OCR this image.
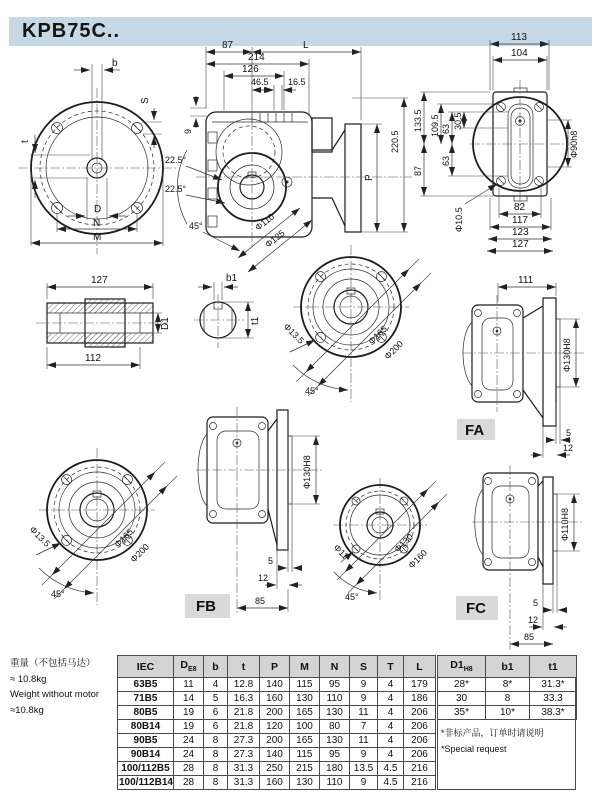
KPB75C..
b
S
t
D
N
M
87	L
214
126
46.5 16.5
9
22.5°
22.5°
45°	Φ110
Φ125
P
220.5
113
104
82
117
123
127
133.5
87
109.5 63
63
30.5
Φ10.5
Φ90h8
127
112
D1
b1
t1
Φ13.5	Φ165
Φ200
45°
111
Φ130H8
5
12
FA
Φ13.5	Φ165
Φ200
45°
Φ130H8
5
12
85
FB
Φ11	Φ130
Φ160
45°
Φ110H8
5
12
85
FC
重量（不包括马达）
≈ 10.8kg
Weight without motor
≈10.8kg
IEC	$D_{E8}$	b	t	P	M	N	S	T	L
63B5	11	4	12.8	140	115	95	9	4	179
71B5	14	5	16.3	160	130	110	9	4	186
80B5	19	6	21.8	200	165	130	11	4	206
80B14	19	6	21.8	120	100	80	7	4	206
90B5	24	8	27.3	200	165	130	11	4	206
90B14	24	8	27.3	140	115	95	9	4	206
100/112B5	28	8	31.3	250	215	180	13.5	4.5	216
100/112B14	28	8	31.3	160	130	110	9	4.5	216
$D1_{H8}$	b1	t1
28*	8*	31.3*
30	8	33.3
35*	10*	38.3*
*非标产品，订单时请说明
*Special request
